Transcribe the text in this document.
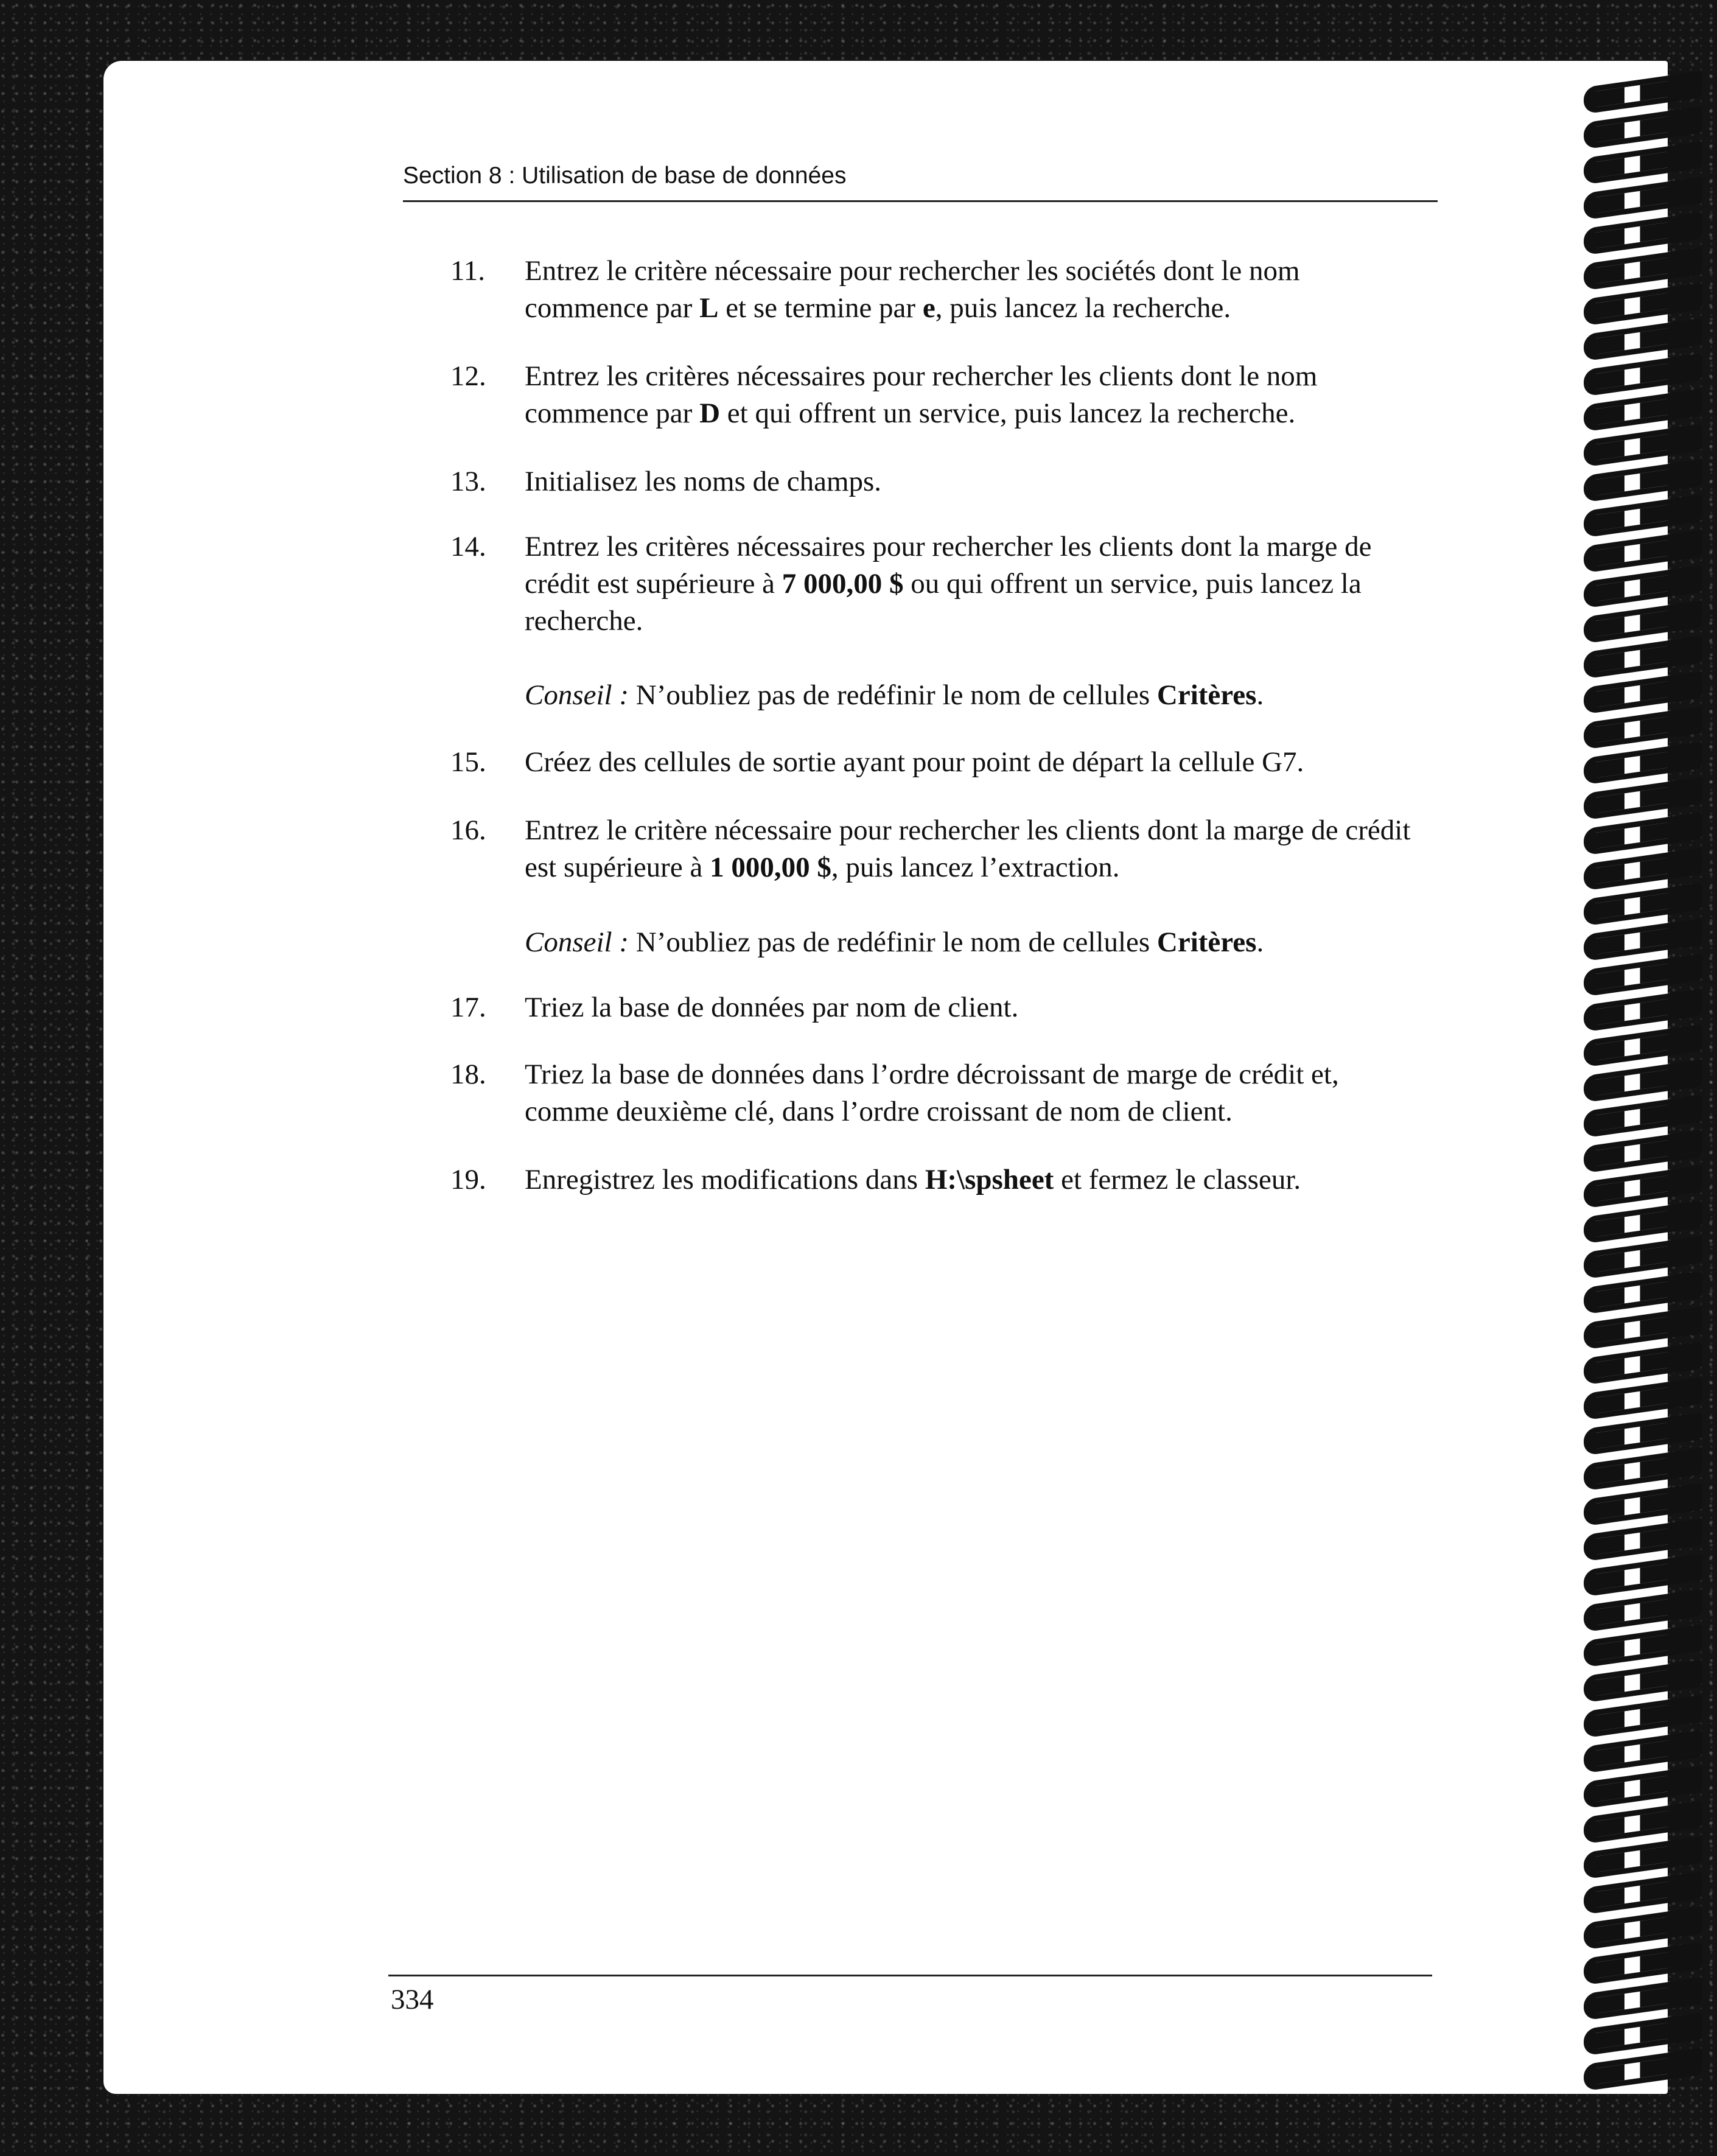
Section 8 : Utilisation de base de données
11.	Entrez le critère nécessaire pour rechercher les sociétés dont le nom commence par L et se termine par e, puis lancez la recherche.
12.	Entrez les critères nécessaires pour rechercher les clients dont le nom commence par D et qui offrent un service, puis lancez la recherche.
13.	Initialisez les noms de champs.
14.	Entrez les critères nécessaires pour rechercher les clients dont la marge de crédit est supérieure à 7 000,00 $ ou qui offrent un service, puis lancez la recherche.
Conseil : N’oubliez pas de redéfinir le nom de cellules Critères.
15.	Créez des cellules de sortie ayant pour point de départ la cellule G7.
16.	Entrez le critère nécessaire pour rechercher les clients dont la marge de crédit est supérieure à 1 000,00 $, puis lancez l’extraction.
Conseil : N’oubliez pas de redéfinir le nom de cellules Critères.
17.	Triez la base de données par nom de client.
18.	Triez la base de données dans l’ordre décroissant de marge de crédit et, comme deuxième clé, dans l’ordre croissant de nom de client.
19.	Enregistrez les modifications dans H:\spsheet et fermez le classeur.
334
